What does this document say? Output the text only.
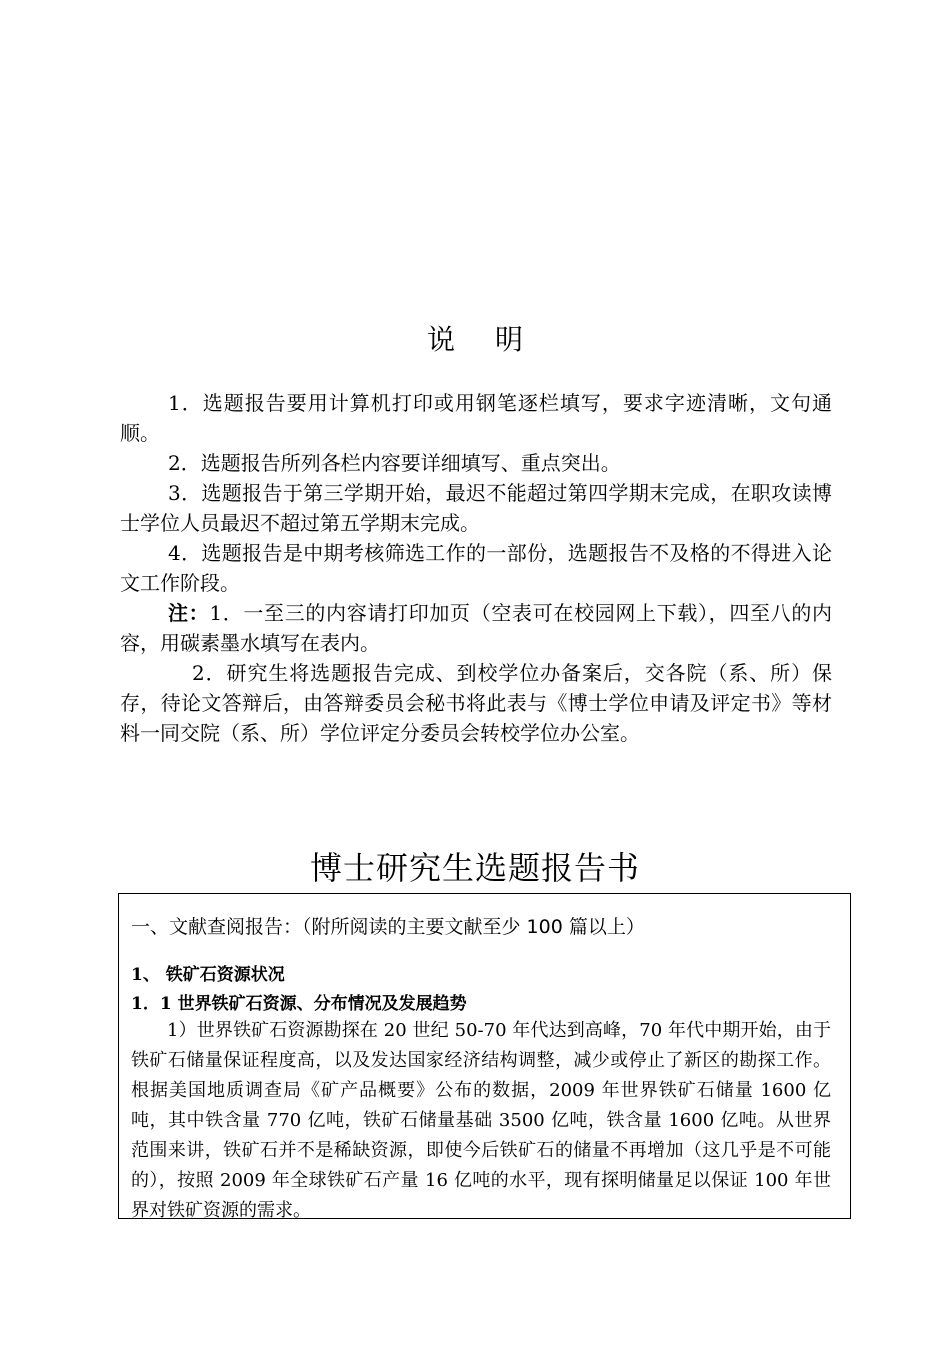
说明

1．选题报告要用计算机打印或用钢笔逐栏填写，要求字迹清晰，文句通顺。

2．选题报告所列各栏内容要详细填写、重点突出。

3．选题报告于第三学期开始，最迟不能超过第四学期末完成，在职攻读博士学位人员最迟不超过第五学期末完成。

4．选题报告是中期考核筛选工作的一部份，选题报告不及格的不得进入论文工作阶段。

注：1．一至三的内容请打印加页（空表可在校园网上下载），四至八的内容，用碳素墨水填写在表内。

2．研究生将选题报告完成、到校学位办备案后，交各院（系、所）保存，待论文答辩后，由答辩委员会秘书将此表与《博士学位申请及评定书》等材料一同交院（系、所）学位评定分委员会转校学位办公室。

博士研究生选题报告书
一、文献查阅报告：（附所阅读的主要文献至少 100 篇以上）
1、 铁矿石资源状况
1．1 世界铁矿石资源、分布情况及发展趋势
1）世界铁矿石资源勘探在 20 世纪 50-70 年代达到高峰，70 年代中期开始，由于铁矿石储量保证程度高，以及发达国家经济结构调整，减少或停止了新区的勘探工作。根据美国地质调查局《矿产品概要》公布的数据，2009 年世界铁矿石储量 1600 亿吨，其中铁含量 770 亿吨，铁矿石储量基础 3500 亿吨，铁含量 1600 亿吨。从世界范围来讲，铁矿石并不是稀缺资源，即使今后铁矿石的储量不再增加（这几乎是不可能的），按照 2009 年全球铁矿石产量 16 亿吨的水平，现有探明储量足以保证 100 年世界对铁矿资源的需求。
